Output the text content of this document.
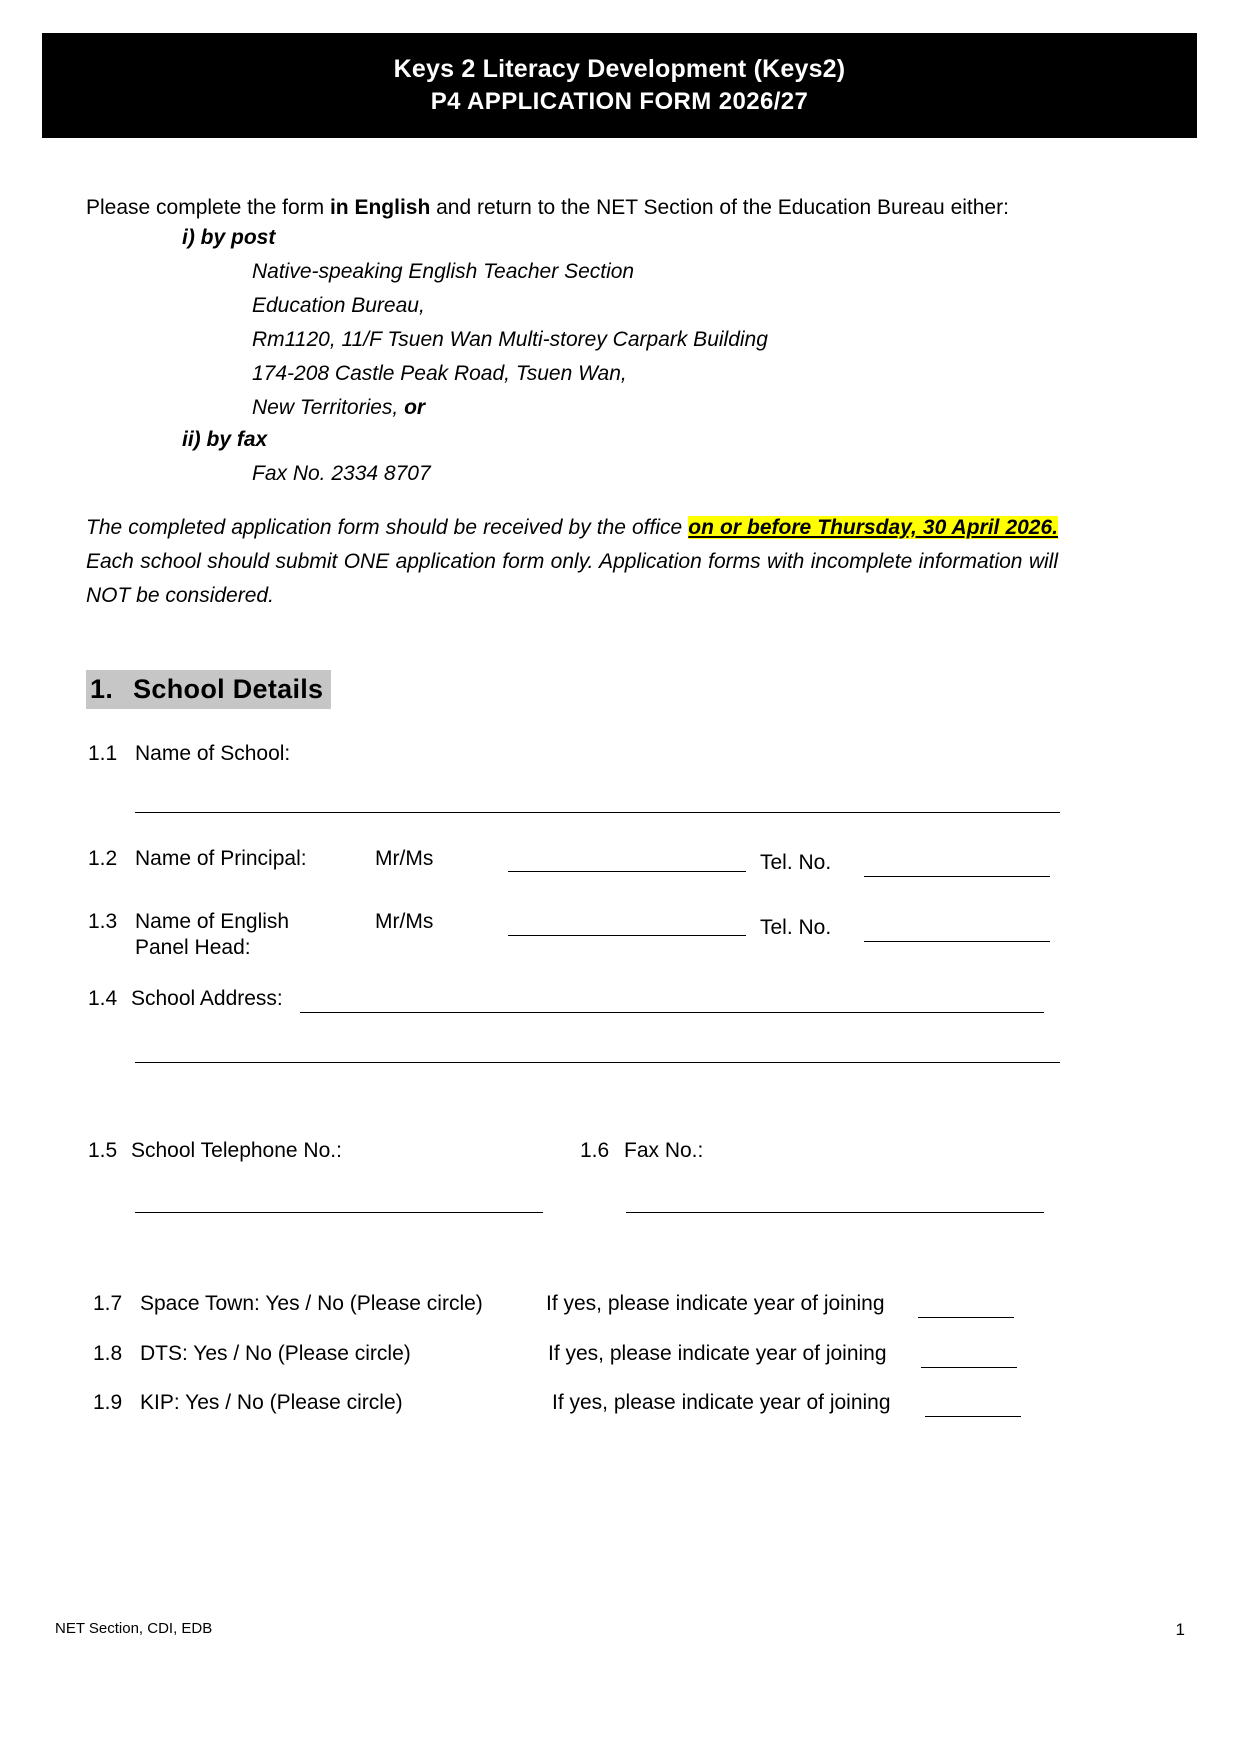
Keys 2 Literacy Development (Keys2)
P4 APPLICATION FORM 2026/27
Please complete the form in English and return to the NET Section of the Education Bureau either:
i) by post
Native-speaking English Teacher Section
Education Bureau,
Rm1120, 11/F Tsuen Wan Multi-storey Carpark Building
174-208 Castle Peak Road, Tsuen Wan,
New Territories, or
ii) by fax
Fax No. 2334 8707
The completed application form should be received by the office on or before Thursday, 30 April 2026. Each school should submit ONE application form only. Application forms with incomplete information will NOT be considered.
1. School Details
1.1 Name of School:
1.2 Name of Principal:	Mr/Ms	Tel. No.
1.3 Name of English
Panel Head:
Mr/Ms	Tel. No.
1.4 School Address:
1.5 School Telephone No.:	1.6 Fax No.:
1.7 Space Town: Yes / No (Please circle)	If yes, please indicate year of joining
1.8 DTS: Yes / No (Please circle)	If yes, please indicate year of joining
1.9 KIP: Yes / No (Please circle)	If yes, please indicate year of joining
NET Section, CDI, EDB	1
